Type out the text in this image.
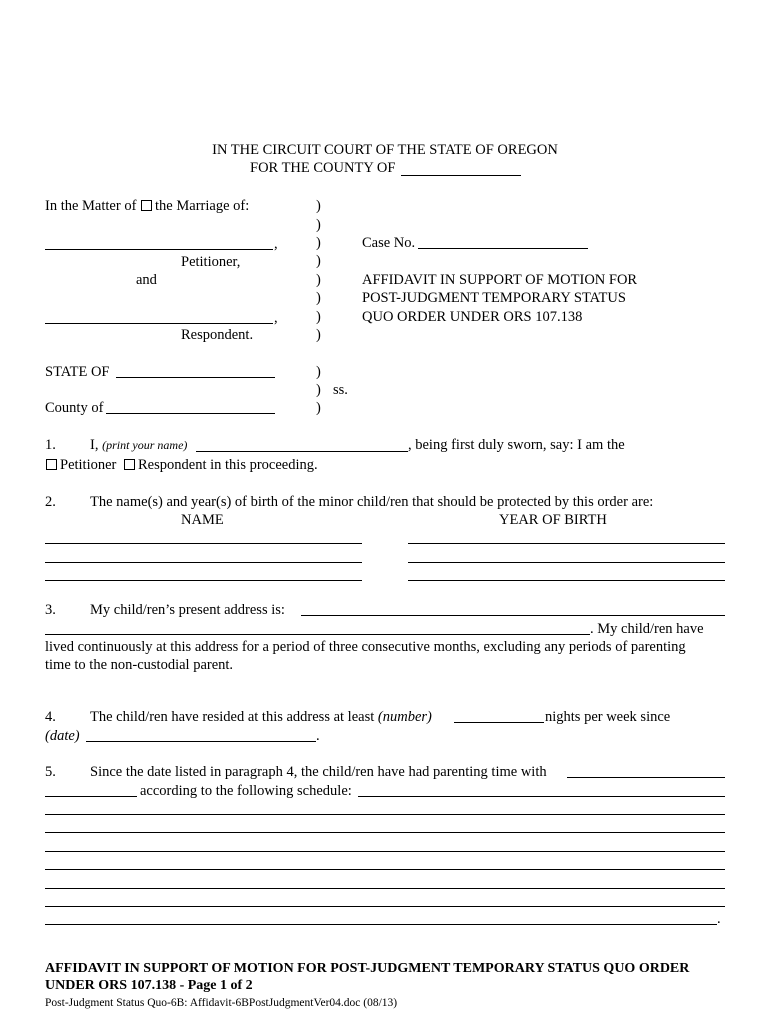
IN THE CIRCUIT COURT OF THE STATE OF OREGON
FOR THE COUNTY OF
In the Matter of the Marriage of:
,
Petitioner,
and
,
Respondent.
)
)
)
)
)
)
)
)
Case No.
AFFIDAVIT IN SUPPORT OF MOTION FOR
POST-JUDGMENT TEMPORARY STATUS
QUO ORDER UNDER ORS 107.138
STATE OF
County of
)
) ss.
)
1. I, (print your name)	, being first duly sworn, say: I am the
Petitioner Respondent in this proceeding.
2. The name(s) and year(s) of birth of the minor child/ren that should be protected by this order are:
NAME	YEAR OF BIRTH
3. My child/ren’s present address is:
. My child/ren have
lived continuously at this address for a period of three consecutive months, excluding any periods of parenting
time to the non-custodial parent.
4. The child/ren have resided at this address at least (number)	nights per week since
(date)	.
5. Since the date listed in paragraph 4, the child/ren have had parenting time with
according to the following schedule:
.
AFFIDAVIT IN SUPPORT OF MOTION FOR POST-JUDGMENT TEMPORARY STATUS QUO ORDER
UNDER ORS 107.138 - Page 1 of 2
Post-Judgment Status Quo-6B: Affidavit-6BPostJudgmentVer04.doc (08/13)
